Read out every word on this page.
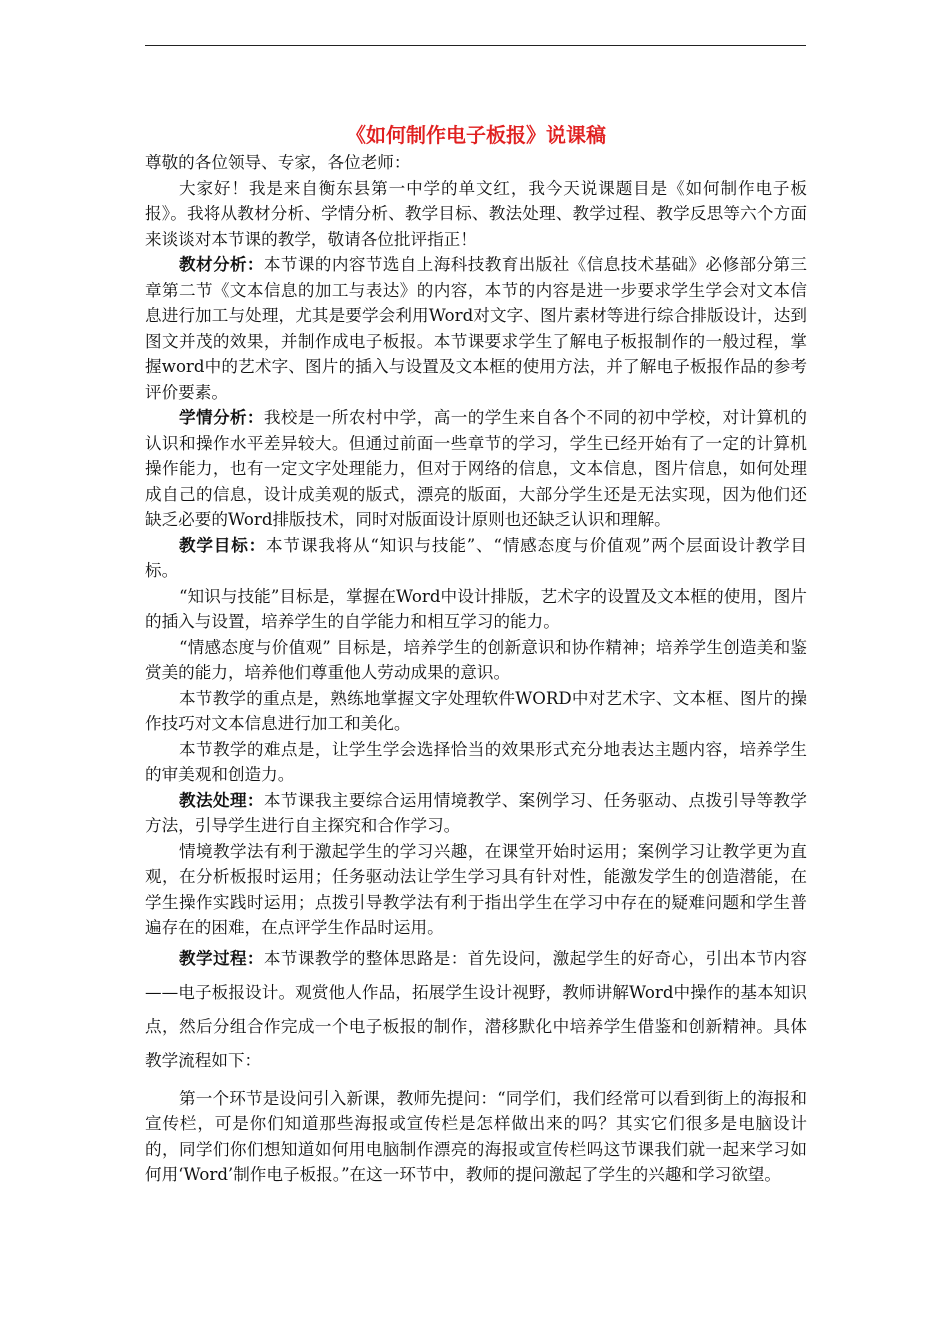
《如何制作电子板报》说课稿

尊敬的各位领导、专家，各位老师：

大家好！我是来自衡东县第一中学的单文红，我今天说课题目是《如何制作电子板报》。我将从教材分析、学情分析、教学目标、教法处理、教学过程、教学反思等六个方面来谈谈对本节课的教学，敬请各位批评指正！

教材分析：本节课的内容节选自上海科技教育出版社《信息技术基础》必修部分第三章第二节《文本信息的加工与表达》的内容，本节的内容是进一步要求学生学会对文本信息进行加工与处理，尤其是要学会利用Word对文字、图片素材等进行综合排版设计，达到图文并茂的效果，并制作成电子板报。本节课要求学生了解电子板报制作的一般过程，掌握word中的艺术字、图片的插入与设置及文本框的使用方法，并了解电子板报作品的参考评价要素。

学情分析：我校是一所农村中学，高一的学生来自各个不同的初中学校，对计算机的认识和操作水平差异较大。但通过前面一些章节的学习，学生已经开始有了一定的计算机操作能力，也有一定文字处理能力，但对于网络的信息，文本信息，图片信息，如何处理成自己的信息，设计成美观的版式，漂亮的版面，大部分学生还是无法实现，因为他们还缺乏必要的Word排版技术，同时对版面设计原则也还缺乏认识和理解。

教学目标：本节课我将从“知识与技能”、“情感态度与价值观”两个层面设计教学目标。

“知识与技能”目标是，掌握在Word中设计排版，艺术字的设置及文本框的使用，图片的插入与设置，培养学生的自学能力和相互学习的能力。

“情感态度与价值观” 目标是，培养学生的创新意识和协作精神；培养学生创造美和鉴赏美的能力，培养他们尊重他人劳动成果的意识。

本节教学的重点是，熟练地掌握文字处理软件WORD中对艺术字、文本框、图片的操作技巧对文本信息进行加工和美化。

本节教学的难点是，让学生学会选择恰当的效果形式充分地表达主题内容，培养学生的审美观和创造力。

教法处理：本节课我主要综合运用情境教学、案例学习、任务驱动、点拨引导等教学方法，引导学生进行自主探究和合作学习。

情境教学法有利于激起学生的学习兴趣，在课堂开始时运用；案例学习让教学更为直观，在分析板报时运用；任务驱动法让学生学习具有针对性，能激发学生的创造潜能，在学生操作实践时运用；点拨引导教学法有利于指出学生在学习中存在的疑难问题和学生普遍存在的困难，在点评学生作品时运用。

教学过程：本节课教学的整体思路是：首先设问，激起学生的好奇心，引出本节内容——电子板报设计。观赏他人作品，拓展学生设计视野，教师讲解Word中操作的基本知识点，然后分组合作完成一个电子板报的制作，潜移默化中培养学生借鉴和创新精神。具体教学流程如下：

第一个环节是设问引入新课，教师先提问：“同学们，我们经常可以看到街上的海报和宣传栏，可是你们知道那些海报或宣传栏是怎样做出来的吗？其实它们很多是电脑设计的，同学们你们想知道如何用电脑制作漂亮的海报或宣传栏吗这节课我们就一起来学习如何用‘Word’制作电子板报。”在这一环节中，教师的提问激起了学生的兴趣和学习欲望。
